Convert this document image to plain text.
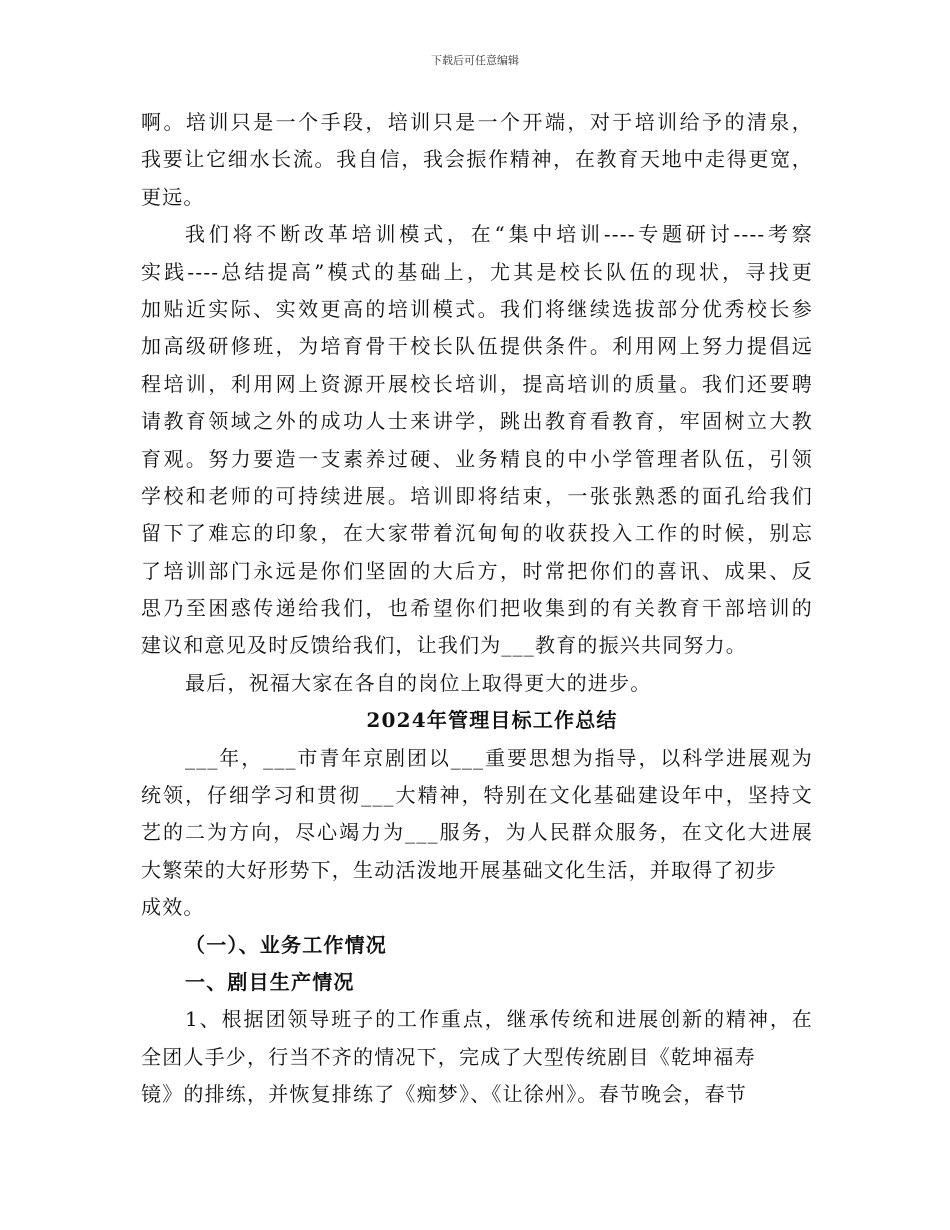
下载后可任意编辑
啊。培训只是一个手段，培训只是一个开端，对于培训给予的清泉，
我要让它细水长流。我自信，我会振作精神，在教育天地中走得更宽，
更远。
我们将不断改革培训模式，在“集中培训----专题研讨----考察
实践----总结提高”模式的基础上，尤其是校长队伍的现状，寻找更
加贴近实际、实效更高的培训模式。我们将继续选拔部分优秀校长参
加高级研修班，为培育骨干校长队伍提供条件。利用网上努力提倡远
程培训，利用网上资源开展校长培训，提高培训的质量。我们还要聘
请教育领域之外的成功人士来讲学，跳出教育看教育，牢固树立大教
育观。努力要造一支素养过硬、业务精良的中小学管理者队伍，引领
学校和老师的可持续进展。培训即将结束，一张张熟悉的面孔给我们
留下了难忘的印象，在大家带着沉甸甸的收获投入工作的时候，别忘
了培训部门永远是你们坚固的大后方，时常把你们的喜讯、成果、反
思乃至困惑传递给我们，也希望你们把收集到的有关教育干部培训的
建议和意见及时反馈给我们，让我们为___教育的振兴共同努力。
最后，祝福大家在各自的岗位上取得更大的进步。
2024年管理目标工作总结
___年，___市青年京剧团以___重要思想为指导，以科学进展观为
统领，仔细学习和贯彻___大精神，特别在文化基础建设年中，坚持文
艺的二为方向，尽心竭力为___服务，为人民群众服务，在文化大进展
大繁荣的大好形势下，生动活泼地开展基础文化生活，并取得了初步
成效。
（一）、业务工作情况
一、剧目生产情况
1、根据团领导班子的工作重点，继承传统和进展创新的精神，在
全团人手少，行当不齐的情况下，完成了大型传统剧目《乾坤福寿
镜》的排练，并恢复排练了《痴梦》、《让徐州》。春节晚会，春节
